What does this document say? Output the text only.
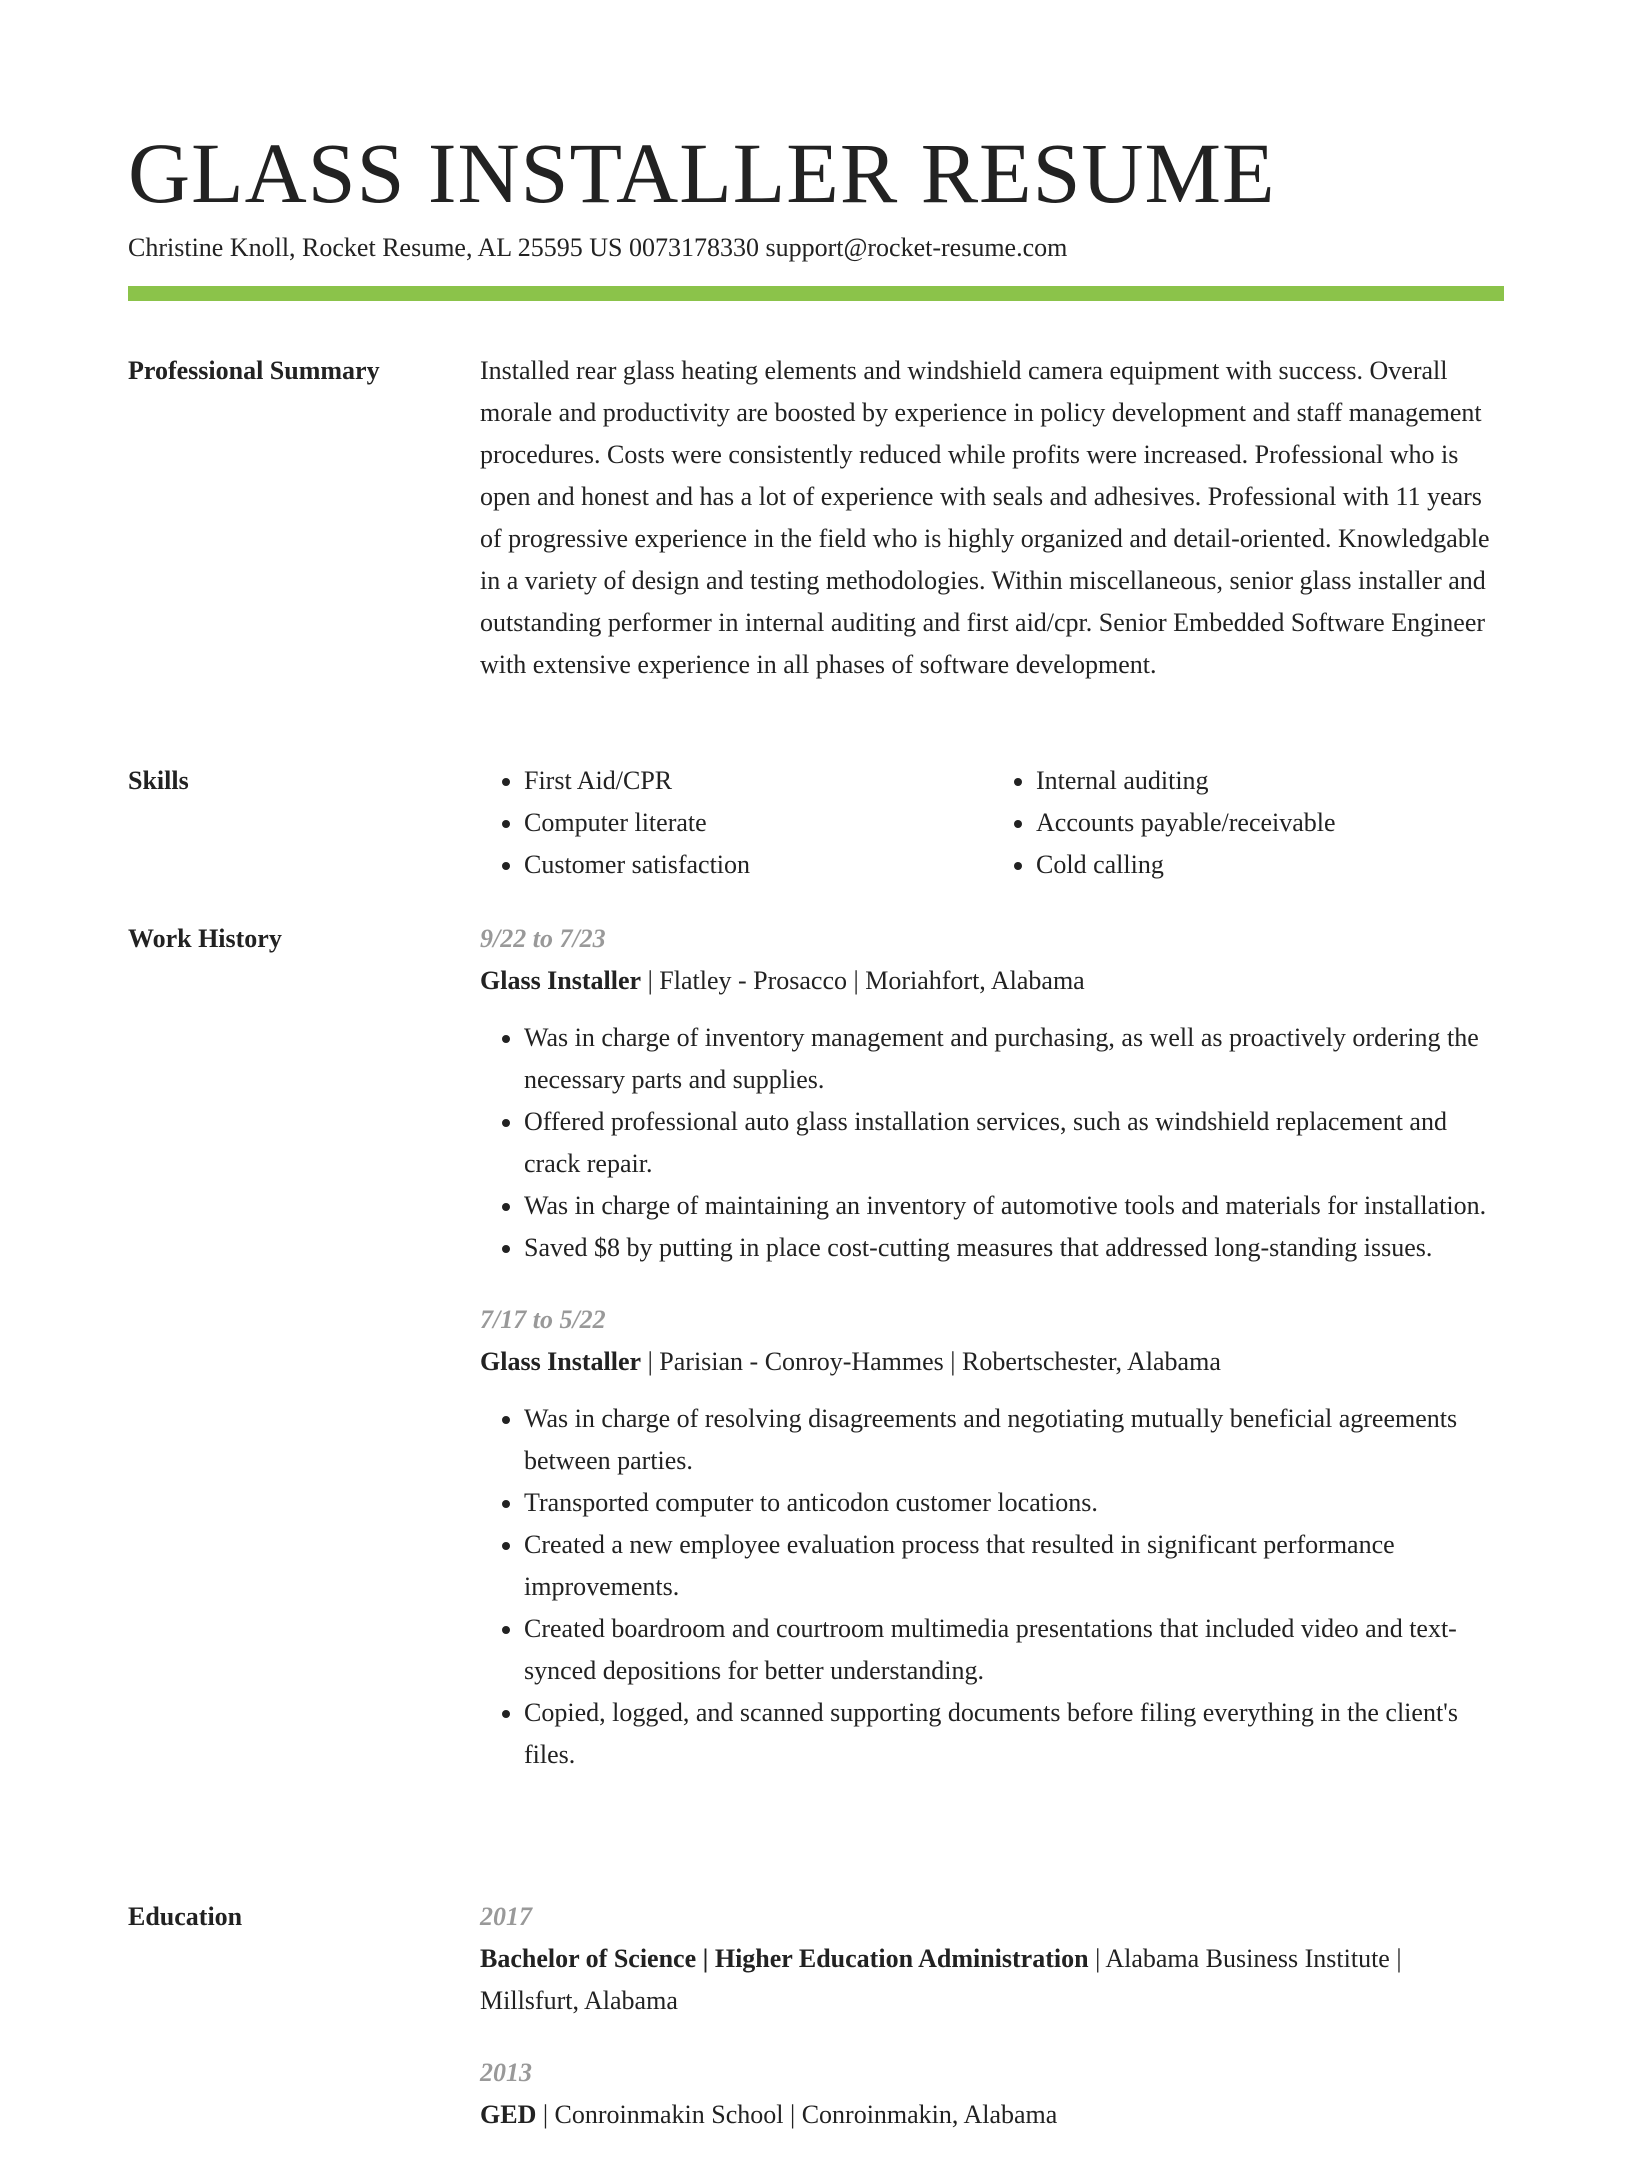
GLASS INSTALLER RESUME
Christine Knoll, Rocket Resume, AL 25595 US 0073178330 support@rocket-resume.com
Professional Summary	Installed rear glass heating elements and windshield camera equipment with success. Overall morale and productivity are boosted by experience in policy development and staff management procedures. Costs were consistently reduced while profits were increased. Professional who is open and honest and has a lot of experience with seals and adhesives. Professional with 11 years of progressive experience in the field who is highly organized and detail-oriented. Knowledgable in a variety of design and testing methodologies. Within miscellaneous, senior glass installer and outstanding performer in internal auditing and first aid/cpr. Senior Embedded Software Engineer with extensive experience in all phases of software development.

Skills
•	First Aid/CPR
• Computer literate
• Customer satisfaction
• Internal auditing
• Accounts payable/receivable
• Cold calling
Work History	9/22 to 7/23
Glass Installer | Flatley - Prosacco | Moriahfort, Alabama
• Was in charge of inventory management and purchasing, as well as proactively ordering the necessary parts and supplies.
• Offered professional auto glass installation services, such as windshield replacement and crack repair.
• Was in charge of maintaining an inventory of automotive tools and materials for installation.
• Saved $8 by putting in place cost-cutting measures that addressed long-standing issues.
7/17 to 5/22
Glass Installer | Parisian - Conroy-Hammes | Robertschester, Alabama
• Was in charge of resolving disagreements and negotiating mutually beneficial agreements between parties.
• Transported computer to anticodon customer locations.
• Created a new employee evaluation process that resulted in significant performance improvements.
• Created boardroom and courtroom multimedia presentations that included video and text-synced depositions for better understanding.
• Copied, logged, and scanned supporting documents before filing everything in the client's files.
Education	2017
Bachelor of Science | Higher Education Administration | Alabama Business Institute | Millsfurt, Alabama
2013
GED | Conroinmakin School | Conroinmakin, Alabama
